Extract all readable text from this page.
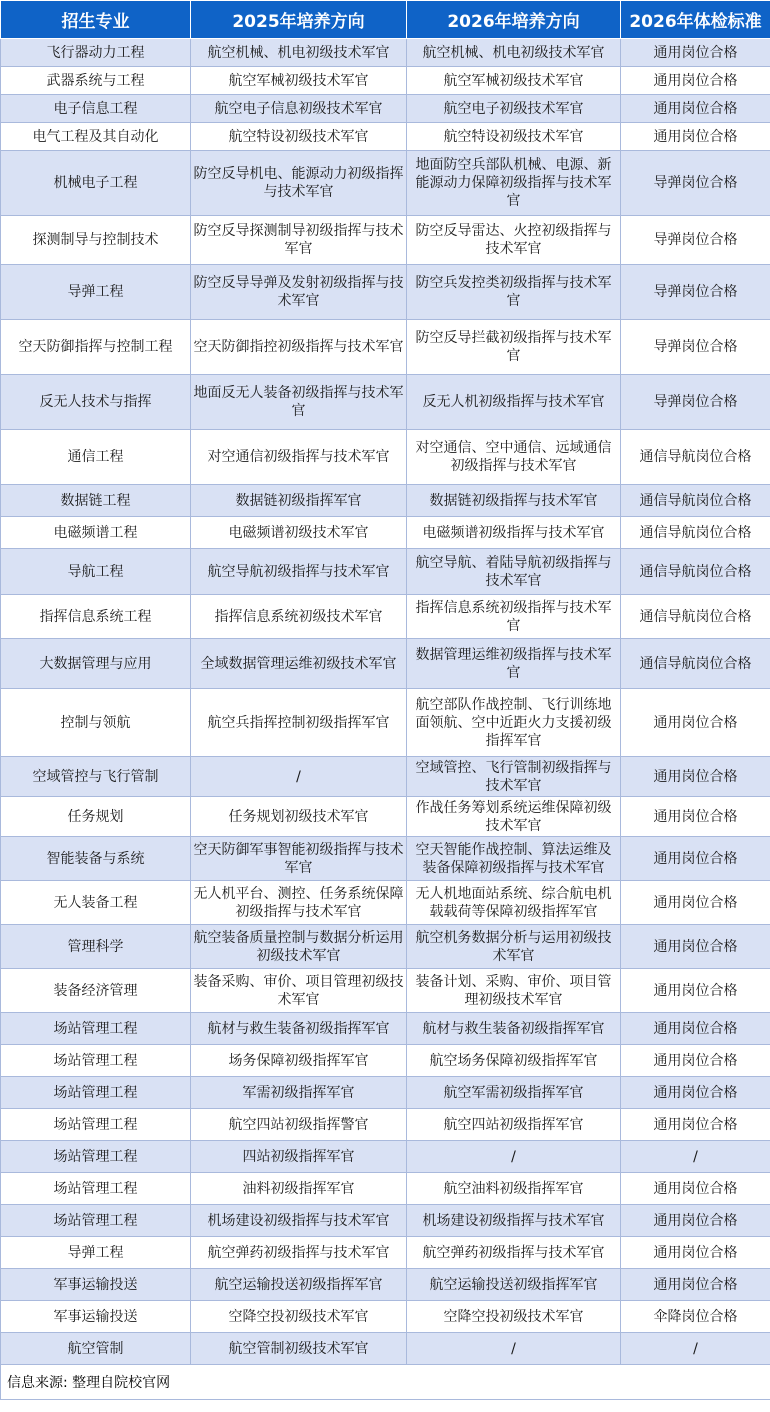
招生专业	2025年培养方向	2026年培养方向	2026年体检标准
飞行器动力工程	航空机械、机电初级技术军官	航空机械、机电初级技术军官	通用岗位合格
武器系统与工程	航空军械初级技术军官	航空军械初级技术军官	通用岗位合格
电子信息工程	航空电子信息初级技术军官	航空电子初级技术军官	通用岗位合格
电气工程及其自动化	航空特设初级技术军官	航空特设初级技术军官	通用岗位合格
机械电子工程	防空反导机电、能源动力初级指挥与技术军官	地面防空兵部队机械、电源、新能源动力保障初级指挥与技术军官	导弹岗位合格
探测制导与控制技术	防空反导探测制导初级指挥与技术军官	防空反导雷达、火控初级指挥与技术军官	导弹岗位合格
导弹工程	防空反导导弹及发射初级指挥与技术军官	防空兵发控类初级指挥与技术军官	导弹岗位合格
空天防御指挥与控制工程	空天防御指控初级指挥与技术军官	防空反导拦截初级指挥与技术军官	导弹岗位合格
反无人技术与指挥	地面反无人装备初级指挥与技术军官	反无人机初级指挥与技术军官	导弹岗位合格
通信工程	对空通信初级指挥与技术军官	对空通信、空中通信、远域通信初级指挥与技术军官	通信导航岗位合格
数据链工程	数据链初级指挥军官	数据链初级指挥与技术军官	通信导航岗位合格
电磁频谱工程	电磁频谱初级技术军官	电磁频谱初级指挥与技术军官	通信导航岗位合格
导航工程	航空导航初级指挥与技术军官	航空导航、着陆导航初级指挥与技术军官	通信导航岗位合格
指挥信息系统工程	指挥信息系统初级技术军官	指挥信息系统初级指挥与技术军官	通信导航岗位合格
大数据管理与应用	全域数据管理运维初级技术军官	数据管理运维初级指挥与技术军官	通信导航岗位合格
控制与领航	航空兵指挥控制初级指挥军官	航空部队作战控制、飞行训练地面领航、空中近距火力支援初级指挥军官	通用岗位合格
空域管控与飞行管制	/	空域管控、飞行管制初级指挥与技术军官	通用岗位合格
任务规划	任务规划初级技术军官	作战任务筹划系统运维保障初级技术军官	通用岗位合格
智能装备与系统	空天防御军事智能初级指挥与技术军官	空天智能作战控制、算法运维及装备保障初级指挥与技术军官	通用岗位合格
无人装备工程	无人机平台、测控、任务系统保障初级指挥与技术军官	无人机地面站系统、综合航电机载载荷等保障初级指挥军官	通用岗位合格
管理科学	航空装备质量控制与数据分析运用初级技术军官	航空机务数据分析与运用初级技术军官	通用岗位合格
装备经济管理	装备采购、审价、项目管理初级技术军官	装备计划、采购、审价、项目管理初级技术军官	通用岗位合格
场站管理工程	航材与救生装备初级指挥军官	航材与救生装备初级指挥军官	通用岗位合格
场站管理工程	场务保障初级指挥军官	航空场务保障初级指挥军官	通用岗位合格
场站管理工程	军需初级指挥军官	航空军需初级指挥军官	通用岗位合格
场站管理工程	航空四站初级指挥警官	航空四站初级指挥军官	通用岗位合格
场站管理工程	四站初级指挥军官	/	/
场站管理工程	油料初级指挥军官	航空油料初级指挥军官	通用岗位合格
场站管理工程	机场建设初级指挥与技术军官	机场建设初级指挥与技术军官	通用岗位合格
导弹工程	航空弹药初级指挥与技术军官	航空弹药初级指挥与技术军官	通用岗位合格
军事运输投送	航空运输投送初级指挥军官	航空运输投送初级指挥军官	通用岗位合格
军事运输投送	空降空投初级技术军官	空降空投初级技术军官	伞降岗位合格
航空管制	航空管制初级技术军官	/	/
信息来源: 整理自院校官网			
